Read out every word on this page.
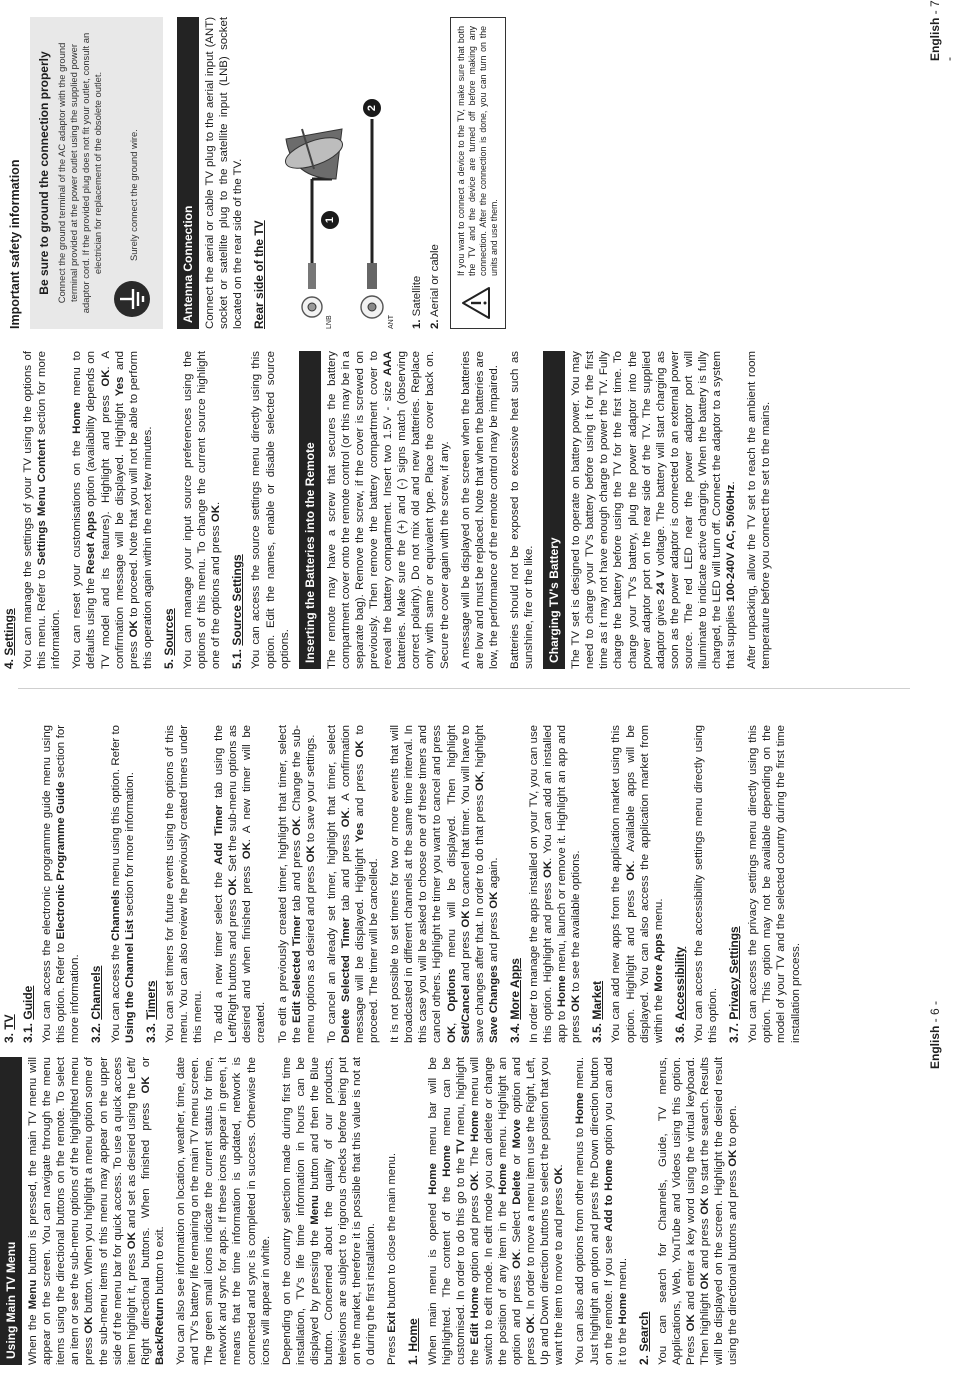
Using Main TV Menu When the Menu button is pressed, the main TV menu will appear on the screen. You can navigate through the menu items using the directional buttons on the remote. To select an item or see the sub-menu options of the highlighted menu press OK button. When you highlight a menu option some of the sub-menu items of this menu may appear on the upper side of the menu bar for quick access. To use a quick access item highlight it, press OK and set as desired using the Left/ Right directional buttons. When finished press OK or Back/Return button to exit. You can also see information on location, weather, time, date and TV's battery life remaining on the main TV menu screen. The green small icons indicate the current status for time, network and sync for apps. If these icons appear in green, it means that the time information is updated, network is connected and sync is completed in success. Otherwise the icons will appear in white. Depending on the country selection made during first time installation, TV's life time information in hours can be displayed by pressing the Menu button and then the Blue button. Concerned about the quality of our products, televisions are subject to rigorous checks before being put on the market, therefore it is possible that this value is not at 0 during the first installation. Press Exit button to close the main menu.

1. Home When main menu is opened Home menu bar will be highlighted. The content of the Home menu can be customised. In order to do this go to the TV menu, highlight the Edit Home option and press OK. The Home menu will switch to edit mode. In edit mode you can delete or change the position of any item in the Home menu. Highlight an option and press OK. Select Delete or Move option and press OK. In order to move a menu item use the Right, Left, Up and Down direction buttons to select the position that you want the item to move to and press OK. You can also add options from other menus to Home menu. Just highlight an option and press the Down direction button on the remote. If you see Add to Home option you can add it to the Home menu.

2. Search You can search for Channels, Guide, TV menus, Applications, Web, YouTube and Videos using this option. Press OK and enter a key word using the virtual keyboard. Then highlight OK and press OK to start the search. Results will be displayed on the screen. Highlight the desired result using the directional buttons and press OK to open.

3. TV 3.1. Guide You can access the electronic programme guide menu using this option. Refer to Electronic Programme Guide section for more information. 3.2. Channels You can access the Channels menu using this option. Refer to Using the Channel List section for more information.

3.3. Timers You can set timers for future events using the options of this menu. You can also review the previously created timers under this menu. To add a new timer select the Add Timer tab using the Left/Right buttons and press OK. Set the sub-menu options as desired and when finished press OK. A new timer will be created. To edit a previously created timer, highlight that timer, select the Edit Selected Timer tab and press OK. Change the sub-menu options as desired and press OK to save your settings. To cancel an already set timer, highlight that timer, select Delete Selected Timer tab and press OK. A confirmation message will be displayed. Highlight Yes and press OK to proceed. The timer will be cancelled. It is not possible to set timers for two or more events that will broadcasted in different channels at the same time interval. In this case you will be asked to choose one of these timers and cancel others. Highlight the timer you want to cancel and press OK, Options menu will be displayed. Then highlight Set/Cancel and press OK to cancel that timer. You will have to save changes after that. In order to do that press OK, highlight Save Changes and press OK again.

3.4. More Apps In order to manage the apps installed on your TV, you can use this option. Highlight and press OK. You can add an installed app to Home menu, launch or remove it. Highlight an app and press OK to see the available options.

3.5. Market You can add new apps from the application market using this option. Highlight and press OK. Available apps will be displayed. You can also access the application market from within the More Apps menu.

3.6. Accessibility You can access the accessibility settings menu directly using this option. 3.7. Privacy Settings You can access the privacy settings menu directly using this option. This option may not be available depending on the model of your TV and the selected country during the first time installation process.

English - 6 -
4. Settings You can manage the settings of your TV using the options of this menu. Refer to Settings Menu Content section for more information. You can reset your customisations on the Home menu to defaults using the Reset Apps option (availability depends on TV model and its features). Highlight and press OK. A confirmation message will be displayed. Highlight Yes and press OK to proceed. Note that you will not be able to perform this operation again within the next few minutes. 5. Sources You can manage your input source preferences using the options of this menu. To change the current source highlight one of the options and press OK.

5.1. Source Settings You can access the source settings menu directly using this option. Edit the names, enable or disable selected source options.	Inserting the Batteries into the Remote The remote may have a screw that secures the battery compartment cover onto the remote control (or this may be in a separate bag). Remove the screw, if the cover is screwed on previously. Then remove the battery compartment cover to reveal the battery compartment. Insert two 1.5V - size AAA batteries. Make sure the (+) and (-) signs match (observing correct polarity). Do not mix old and new batteries. Replace only with same or equivalent type. Place the cover back on. Secure the cover again with the screw, if any. A message will be displayed on the screen when the batteries are low and must be replaced. Note that when the batteries are low, the performance of the remote control may be impaired. Batteries should not be exposed to excessive heat such as sunshine, fire or the like.	Charging TV's Battery The TV set is designed to operate on battery power. You may need to charge your TV's battery before using it for the first time as it may not have enough charge to power the TV. Fully charge the battery before using the TV for the first time. To charge your TV's battery, plug the power adaptor into the power adaptor port on the rear side of the TV. The supplied adaptor gives 24 V voltage. The battery will start charging as soon as the power adaptor is connected to an external power source. The red LED near the power adaptor port will illuminate to indicate active charging. When the battery is fully charged, the LED will turn off. Connect the adaptor to a system that supplies 100-240V AC, 50/60Hz. After unpacking, allow the TV set to reach the ambient room temperature before you connect the set to the mains.

Important safety information Be sure to ground the connection properly Connect the ground terminal of the AC adaptor with the ground terminal provided at the power outlet using the supplied power adaptor cord. If the provided plug does not fit your outlet, consult an electrician for replacement of the obsolete outlet.	Surely connect the ground wire.
Antenna Connection Connect the aerial or cable TV plug to the aerial input (ANT) socket or satellite plug to the satellite input (LNB) socket located on the rear side of the TV. Rear side of the TV	LNB	ANT
1
2
1. Satellite
2. Aerial or cable
If you want to connect a device to the TV, make sure that both the TV and the device are turned off before making any connection. After the connection is done, you can turn on the units and use them.
English - 7 -
